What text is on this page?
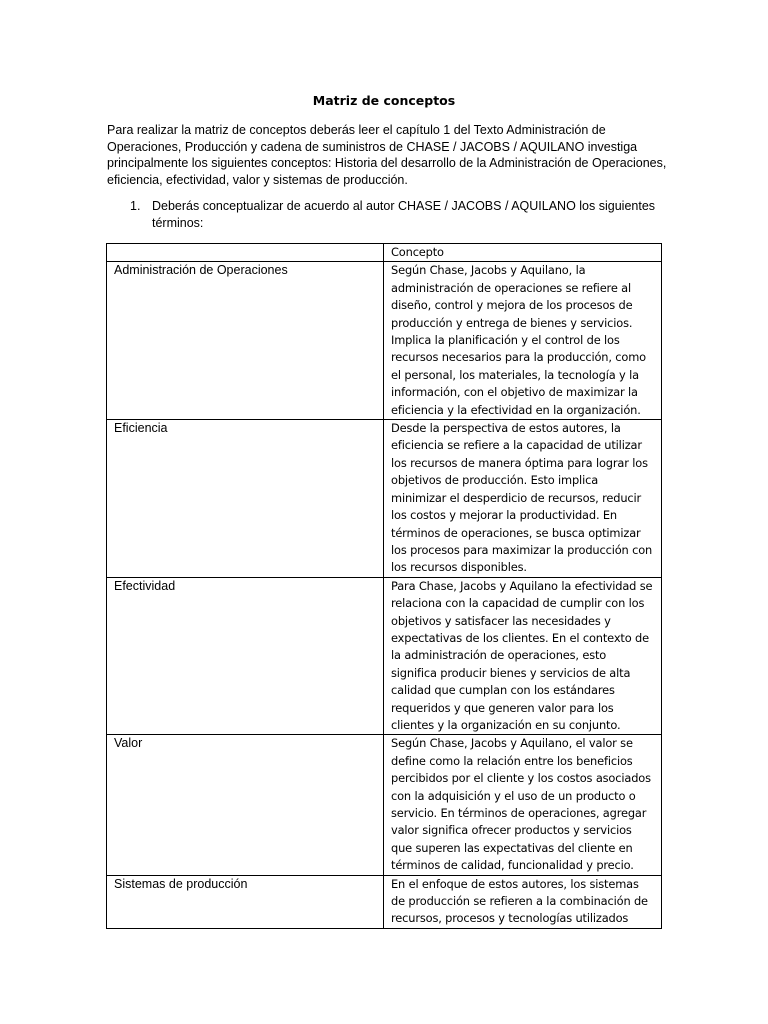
Matriz de conceptos

Para realizar la matriz de conceptos deberás leer el capítulo 1 del Texto Administración de Operaciones, Producción y cadena de suministros de CHASE / JACOBS / AQUILANO investiga principalmente los siguientes conceptos: Historia del desarrollo de la Administración de Operaciones, eficiencia, efectividad, valor y sistemas de producción.

1. Deberás conceptualizar de acuerdo al autor CHASE / JACOBS / AQUILANO los siguientes términos:
	Concepto
Administración de Operaciones	Según Chase, Jacobs y Aquilano, la administración de operaciones se refiere al diseño, control y mejora de los procesos de producción y entrega de bienes y servicios. Implica la planificación y el control de los recursos necesarios para la producción, como el personal, los materiales, la tecnología y la información, con el objetivo de maximizar la eficiencia y la efectividad en la organización.
Eficiencia	Desde la perspectiva de estos autores, la eficiencia se refiere a la capacidad de utilizar los recursos de manera óptima para lograr los objetivos de producción. Esto implica minimizar el desperdicio de recursos, reducir los costos y mejorar la productividad. En términos de operaciones, se busca optimizar los procesos para maximizar la producción con los recursos disponibles.
Efectividad	Para Chase, Jacobs y Aquilano la efectividad se relaciona con la capacidad de cumplir con los objetivos y satisfacer las necesidades y expectativas de los clientes. En el contexto de la administración de operaciones, esto significa producir bienes y servicios de alta calidad que cumplan con los estándares requeridos y que generen valor para los clientes y la organización en su conjunto.
Valor	Según Chase, Jacobs y Aquilano, el valor se define como la relación entre los beneficios percibidos por el cliente y los costos asociados con la adquisición y el uso de un producto o servicio. En términos de operaciones, agregar valor significa ofrecer productos y servicios que superen las expectativas del cliente en términos de calidad, funcionalidad y precio.
Sistemas de producción	En el enfoque de estos autores, los sistemas de producción se refieren a la combinación de recursos, procesos y tecnologías utilizados
